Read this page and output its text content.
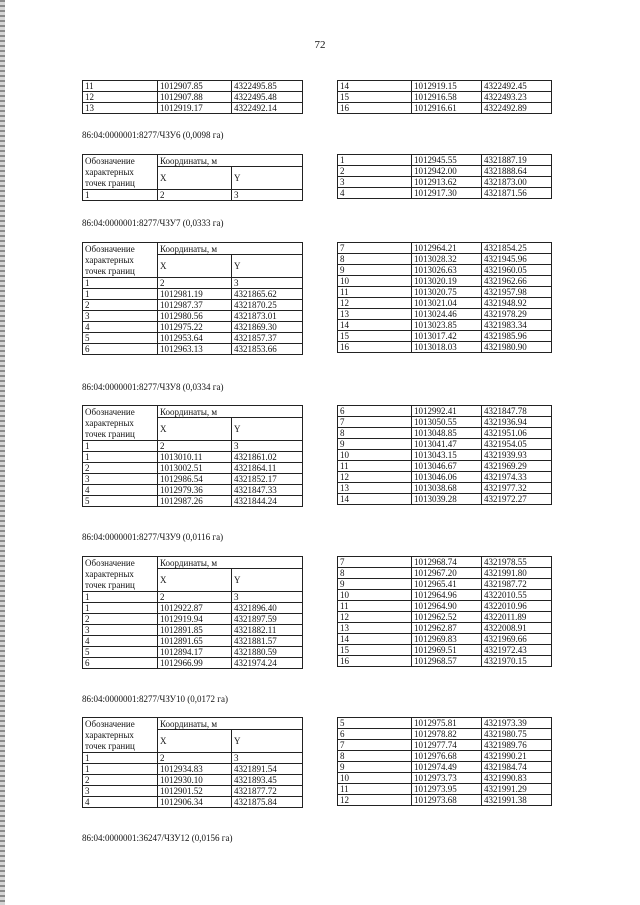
72
11	1012907.85	4322495.85
12	1012907.88	4322495.48
13	1012919.17	4322492.14
14	1012919.15	4322492.45
15	1012916.58	4322493.23
16	1012916.61	4322492.89
86:04:0000001:8277/ЧЗУ6 (0,0098 га)
Обозначение характерных точек границ	Координаты, м	
	X	Y
1	2	3
1	1012945.55	4321887.19
2	1012942.00	4321888.64
3	1012913.62	4321873.00
4	1012917.30	4321871.56
86:04:0000001:8277/ЧЗУ7 (0,0333 га)
Обозначение характерных точек границ	Координаты, м	
	X	Y
1	2	3
1	1012981.19	4321865.62
2	1012987.37	4321870.25
3	1012980.56	4321873.01
4	1012975.22	4321869.30
5	1012953.64	4321857.37
6	1012963.13	4321853.66
7	1012964.21	4321854.25
8	1013028.32	4321945.96
9	1013026.63	4321960.05
10	1013020.19	4321962.66
11	1013020.75	4321957.98
12	1013021.04	4321948.92
13	1013024.46	4321978.29
14	1013023.85	4321983.34
15	1013017.42	4321985.96
16	1013018.03	4321980.90
86:04:0000001:8277/ЧЗУ8 (0,0334 га)
Обозначение характерных точек границ	Координаты, м	
	X	Y
1	2	3
1	1013010.11	4321861.02
2	1013002.51	4321864.11
3	1012986.54	4321852.17
4	1012979.36	4321847.33
5	1012987.26	4321844.24
6	1012992.41	4321847.78
7	1013050.55	4321936.94
8	1013048.85	4321951.06
9	1013041.47	4321954.05
10	1013043.15	4321939.93
11	1013046.67	4321969.29
12	1013046.06	4321974.33
13	1013038.68	4321977.32
14	1013039.28	4321972.27
86:04:0000001:8277/ЧЗУ9 (0,0116 га)
Обозначение характерных точек границ	Координаты, м	
	X	Y
1	2	3
1	1012922.87	4321896.40
2	1012919.94	4321897.59
3	1012891.85	4321882.11
4	1012891.65	4321881.57
5	1012894.17	4321880.59
6	1012966.99	4321974.24
7	1012968.74	4321978.55
8	1012967.20	4321991.80
9	1012965.41	4321987.72
10	1012964.96	4322010.55
11	1012964.90	4322010.96
12	1012962.52	4322011.89
13	1012962.87	4322008.91
14	1012969.83	4321969.66
15	1012969.51	4321972.43
16	1012968.57	4321970.15
86:04:0000001:8277/ЧЗУ10 (0,0172 га)
Обозначение характерных точек границ	Координаты, м	
	X	Y
1	2	3
1	1012934.83	4321891.54
2	1012930.10	4321893.45
3	1012901.52	4321877.72
4	1012906.34	4321875.84
5	1012975.81	4321973.39
6	1012978.82	4321980.75
7	1012977.74	4321989.76
8	1012976.68	4321990.21
9	1012974.49	4321984.74
10	1012973.73	4321990.83
11	1012973.95	4321991.29
12	1012973.68	4321991.38
86:04:0000001:36247/ЧЗУ12 (0,0156 га)
